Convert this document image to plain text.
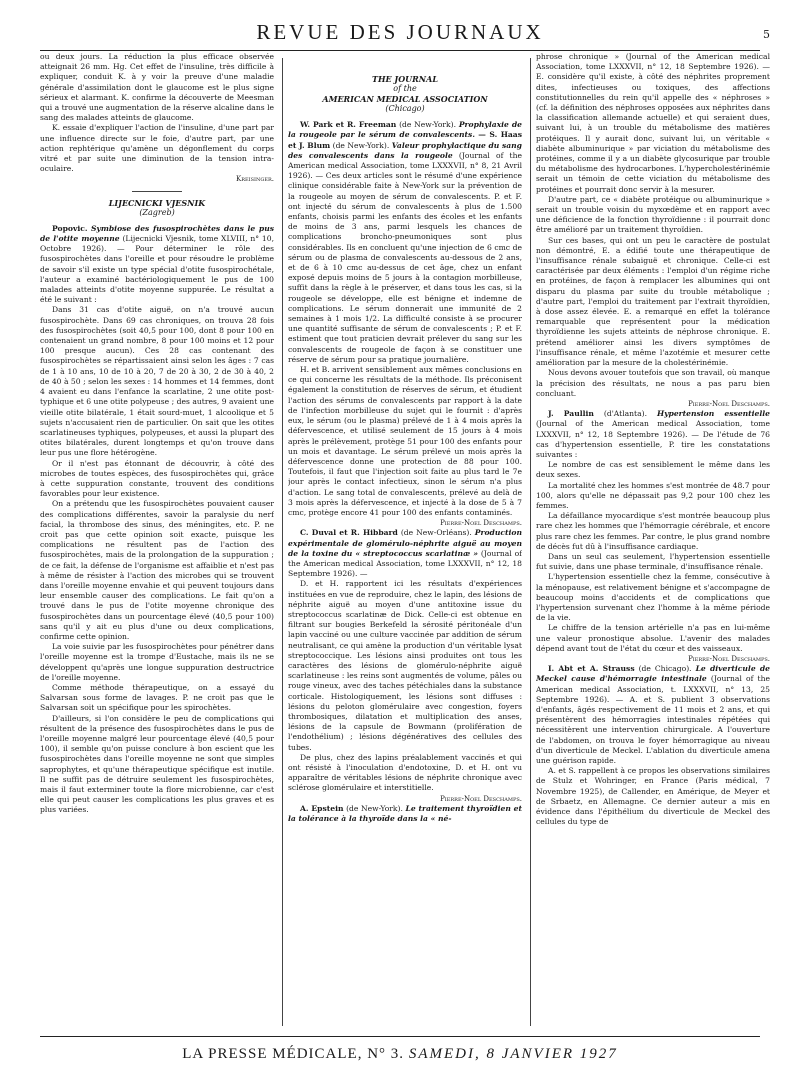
REVUE DES JOURNAUX	5

ou deux jours. La réduction la plus efficace observée atteignait 26 mm. Hg. Cet effet de l'insuline, très difficile à expliquer, conduit K. à y voir la preuve d'une maladie générale d'assimilation dont le glaucome est le plus signe sérieux et alarmant. K. confirme la découverte de Meesman qui a trouvé une augmentation de la réserve alcaline dans le sang des malades atteints de glaucome.

K. essaie d'expliquer l'action de l'insuline, d'une part par une influence directe sur le foie, d'autre part, par une action rephtérique qu'amène un dégonflement du corps vitré et par suite une diminution de la tension intra-oculaire.

Kreisinger.

LIJECNICKI VJESNIK
(Zagreb)

Popovic. Symbiose des fusospirochètes dans le pus de l'otite moyenne (Lijecnicki Vjesnik, tome XLVIII, n° 10, Octobre 1926). — Pour déterminer le rôle des fusospirochètes dans l'oreille et pour résoudre le problème de savoir s'il existe un type spécial d'otite fusospirochétale, l'auteur a examiné bactériologiquement le pus de 100 malades atteints d'otite moyenne suppurée. Le résultat a été le suivant :

Dans 31 cas d'otite aiguë, on n'a trouvé aucun fusospirochète. Dans 69 cas chroniques, on trouva 28 fois des fusospirochètes (soit 40,5 pour 100, dont 8 pour 100 en contenaient un grand nombre, 8 pour 100 moins et 12 pour 100 presque aucun). Ces 28 cas contenant des fusospirochètes se répartissaient ainsi selon les âges : 7 cas de 1 à 10 ans, 10 de 10 à 20, 7 de 20 à 30, 2 de 30 à 40, 2 de 40 à 50 ; selon les sexes : 14 hommes et 14 femmes, dont 4 avaient eu dans l'enfance la scarlatine, 2 une otite post-typhique et 6 une otite polypeuse ; des autres, 9 avaient une vieille otite bilatérale, 1 était sourd-muet, 1 alcoolique et 5 sujets n'accusaient rien de particulier. On sait que les otites scarlatineuses typhiques, polypeuses, et aussi la plupart des otites bilatérales, durent longtemps et qu'on trouve dans leur pus une flore hétérogène.

Or il n'est pas étonnant de découvrir, à côté des microbes de toutes espèces, des fusospirochètes qui, grâce à cette suppuration constante, trouvent des conditions favorables pour leur existence.

On a prétendu que les fusospirochètes pouvaient causer des complications différentes, savoir la paralysie du nerf facial, la thrombose des sinus, des méningites, etc. P. ne croit pas que cette opinion soit exacte, puisque les complications ne résultent pas de l'action des fusospirochètes, mais de la prolongation de la suppuration ; de ce fait, la défense de l'organisme est affaiblie et n'est pas à même de résister à l'action des microbes qui se trouvent dans l'oreille moyenne envahie et qui peuvent toujours dans leur ensemble causer des complications. Le fait qu'on a trouvé dans le pus de l'otite moyenne chronique des fusospirochètes dans un pourcentage élevé (40,5 pour 100) sans qu'il y ait eu plus d'une ou deux complications, confirme cette opinion.

La voie suivie par les fusospirochètes pour pénétrer dans l'oreille moyenne est la trompe d'Eustache, mais ils ne se développent qu'après une longue suppuration destructrice de l'oreille moyenne.

Comme méthode thérapeutique, on a essayé du Salvarsan sous forme de lavages. P. ne croit pas que le Salvarsan soit un spécifique pour les spirochètes.

D'ailleurs, si l'on considère le peu de complications qui résultent de la présence des fusospirochètes dans le pus de l'oreille moyenne malgré leur pourcentage élevé (40,5 pour 100), il semble qu'on puisse conclure à bon escient que les fusospirochètes dans l'oreille moyenne ne sont que simples saprophytes, et qu'une thérapeutique spécifique est inutile. Il ne suffit pas de détruire seulement les fusospirochètes, mais il faut exterminer toute la flore microbienne, car c'est elle qui peut causer les complications les plus graves et es plus variées.

THE JOURNAL
of the
AMERICAN MEDICAL ASSOCIATION
(Chicago)

W. Park et R. Freeman (de New-York). Prophylaxie de la rougeole par le sérum de convalescents. — S. Haas et J. Blum (de New-York). Valeur prophylactique du sang des convalescents dans la rougeole (Journal of the American medical Association, tome LXXXVII, n° 8, 21 Avril 1926). — Ces deux articles sont le résumé d'une expérience clinique considérable faite à New-York sur la prévention de la rougeole au moyen de sérum de convalescents. P. et F. ont injecté du sérum de convalescents à plus de 1.500 enfants, choisis parmi les enfants des écoles et les enfants de moins de 3 ans, parmi lesquels les chances de complications broncho-pneumoniques sont plus considérables. Ils en concluent qu'une injection de 6 cmc de sérum ou de plasma de convalescents au-dessous de 2 ans, et de 6 à 10 cmc au-dessus de cet âge, chez un enfant exposé depuis moins de 5 jours à la contagion morbilleuse, suffit dans la règle à le préserver, et dans tous les cas, si la rougeole se développe, elle est bénigne et indemne de complications. Le sérum donnerait une immunité de 2 semaines à 1 mois 1/2. La difficulté consiste à se procurer une quantité suffisante de sérum de convalescents ; P. et F. estiment que tout praticien devrait prélever du sang sur les convalescents de rougeole de façon à se constituer une réserve de sérum pour sa pratique journalière.

H. et B. arrivent sensiblement aux mêmes conclusions en ce qui concerne les résultats de la méthode. Ils préconisent également la constitution de réserves de sérum, et étudient l'action des sérums de convalescents par rapport à la date de l'infection morbilleuse du sujet qui le fournit : d'après eux, le sérum (ou le plasma) prélevé de 1 à 4 mois après la défervescence, et utilisé seulement de 15 jours à 4 mois après le prélèvement, protège 51 pour 100 des enfants pour un mois et davantage. Le sérum prélevé un mois après la défervescence donne une protection de 88 pour 100. Toutefois, il faut que l'injection soit faite au plus tard le 7e jour après le contact infectieux, sinon le sérum n'a plus d'action. Le sang total de convalescents, prélevé au delà de 3 mois après la défervescence, et injecté à la dose de 5 à 7 cmc, protège encore 41 pour 100 des enfants contaminés.

Pierre-Noel Deschamps.

C. Duval et R. Hibbard (de New-Orléans). Production expérimentale de glomérulo-néphrite aiguë au moyen de la toxine du « streptococcus scarlatinæ » (Journal of the American medical Association, tome LXXXVII, n° 12, 18 Septembre 1926). —

D. et H. rapportent ici les résultats d'expériences instituées en vue de reproduire, chez le lapin, des lésions de néphrite aiguë au moyen d'une antitoxine issue du streptococcus scarlatinæ de Dick. Celle-ci est obtenue en filtrant sur bougies Berkefeld la sérosité péritonéale d'un lapin vacciné ou une culture vaccinée par addition de sérum neutralisant, ce qui amène la production d'un véritable lysat streptococcique. Les lésions ainsi produites ont tous les caractères des lésions de glomérulo-néphrite aiguë scarlatineuse : les reins sont augmentés de volume, pâles ou rouge vineux, avec des taches pétéchiales dans la substance corticale. Histologiquement, les lésions sont diffuses : lésions du peloton glomérulaire avec congestion, foyers thrombosiques, dilatation et multiplication des anses, lésions de la capsule de Bowmann (prolifération de l'endothélium) ; lésions dégénératives des cellules des tubes.

De plus, chez des lapins préalablement vaccinés et qui ont résisté à l'inoculation d'endotoxine, D. et H. ont vu apparaître de véritables lésions de néphrite chronique avec sclérose glomérulaire et interstitielle.

Pierre-Noel Deschamps.

A. Epstein (de New-York). Le traitement thyroïdien et la tolérance à la thyroïde dans la « né-

phrose chronique » (Journal of the American medical Association, tome LXXXVII, n° 12, 18 Septembre 1926). — E. considère qu'il existe, à côté des néphrites proprement dites, infectieuses ou toxiques, des affections constitutionnelles du rein qu'il appelle des « néphroses » (cf. la définition des néphroses opposées aux néphrites dans la classification allemande actuelle) et qui seraient dues, suivant lui, à un trouble du métabolisme des matières protéiques. Il y aurait donc, suivant lui, un véritable « diabète albuminurique » par viciation du métabolisme des protéines, comme il y a un diabète glycosurique par trouble du métabolisme des hydrocarbones. L'hypercholestérinémie serait un témoin de cette viciation du métabolisme des protéines et pourrait donc servir à la mesurer.

D'autre part, ce « diabète protéique ou albuminurique » serait un trouble voisin du myxœdème et en rapport avec une déficience de la fonction thyroïdienne : il pourrait donc être amélioré par un traitement thyroïdien.

Sur ces bases, qui ont un peu le caractère de postulat non démontré, E. a édifié toute une thérapeutique de l'insuffisance rénale subaiguë et chronique. Celle-ci est caractérisée par deux éléments : l'emploi d'un régime riche en protéines, de façon à remplacer les albumines qui ont disparu du plasma par suite du trouble métabolique ; d'autre part, l'emploi du traitement par l'extrait thyroïdien, à dose assez élevée. E. a remarqué en effet la tolérance remarquable que représentent pour la médication thyroïdienne les sujets atteints de néphrose chronique. E. prétend améliorer ainsi les divers symptômes de l'insuffisance rénale, et même l'azotémie et mesurer cette amélioration par la mesure de la cholestérinémie.

Nous devons avouer toutefois que son travail, où manque la précision des résultats, ne nous a pas paru bien concluant.

Pierre-Noel Deschamps.

J. Paullin (d'Atlanta). Hypertension essentielle (Journal of the American medical Association, tome LXXXVII, n° 12, 18 Septembre 1926). — De l'étude de 76 cas d'hypertension essentielle, P. tire les constatations suivantes :

Le nombre de cas est sensiblement le même dans les deux sexes.

La mortalité chez les hommes s'est montrée de 48.7 pour 100, alors qu'elle ne dépassait pas 9,2 pour 100 chez les femmes.

La défaillance myocardique s'est montrée beaucoup plus rare chez les hommes que l'hémorragie cérébrale, et encore plus rare chez les femmes. Par contre, le plus grand nombre de décès fut dû à l'insuffisance cardiaque.

Dans un seul cas seulement, l'hypertension essentielle fut suivie, dans une phase terminale, d'insuffisance rénale.

L'hypertension essentielle chez la femme, consécutive à la ménopause, est relativement bénigne et s'accompagne de beaucoup moins d'accidents et de complications que l'hypertension survenant chez l'homme à la même période de la vie.

Le chiffre de la tension artérielle n'a pas en lui-même une valeur pronostique absolue. L'avenir des malades dépend avant tout de l'état du cœur et des vaisseaux.

Pierre-Noel Deschamps.

I. Abt et A. Strauss (de Chicago). Le diverticule de Meckel cause d'hémorragie intestinale (Journal of the American medical Association, t. LXXXVII, n° 13, 25 Septembre 1926). — A. et S. publient 3 observations d'enfants, âgés respectivement de 11 mois et 2 ans, et qui présentèrent des hémorragies intestinales répétées qui nécessitèrent une intervention chirurgicale. A l'ouverture de l'abdomen, on trouva le foyer hémorragique au niveau d'un diverticule de Meckel. L'ablation du diverticule amena une guérison rapide.

A. et S. rappellent à ce propos les observations similaires de Stulz et Wohringer, en France (Paris médical, 7 Novembre 1925), de Callender, en Amérique, de Meyer et de Srbaetz, en Allemagne. Ce dernier auteur a mis en évidence dans l'épithélium du diverticule de Meckel des cellules du type de

LA PRESSE MÉDICALE, N° 3. SAMEDI, 8 JANVIER 1927
